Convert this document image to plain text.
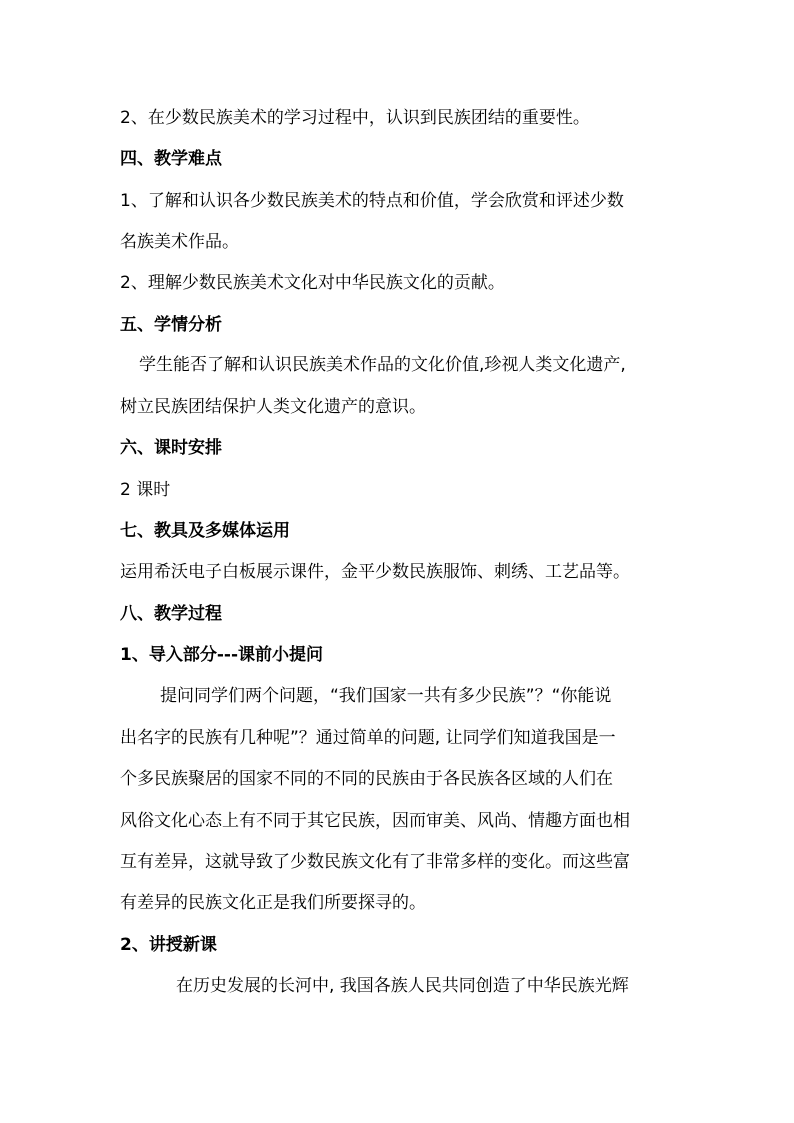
2、在少数民族美术的学习过程中，认识到民族团结的重要性。
四、教学难点
1、了解和认识各少数民族美术的特点和价值，学会欣赏和评述少数
名族美术作品。
2、理解少数民族美术文化对中华民族文化的贡献。
五、学情分析
学生能否了解和认识民族美术作品的文化价值,珍视人类文化遗产,
树立民族团结保护人类文化遗产的意识。
六、课时安排
2 课时
七、教具及多媒体运用
运用希沃电子白板展示课件，金平少数民族服饰、刺绣、工艺品等。
八、教学过程
1、导入部分---课前小提问
提问同学们两个问题，“我们国家一共有多少民族”？“你能说
出名字的民族有几种呢”？通过简单的问题, 让同学们知道我国是一
个多民族聚居的国家不同的不同的民族由于各民族各区域的人们在
风俗文化心态上有不同于其它民族，因而审美、风尚、情趣方面也相
互有差异，这就导致了少数民族文化有了非常多样的变化。而这些富
有差异的民族文化正是我们所要探寻的。
2、讲授新课
在历史发展的长河中, 我国各族人民共同创造了中华民族光辉
